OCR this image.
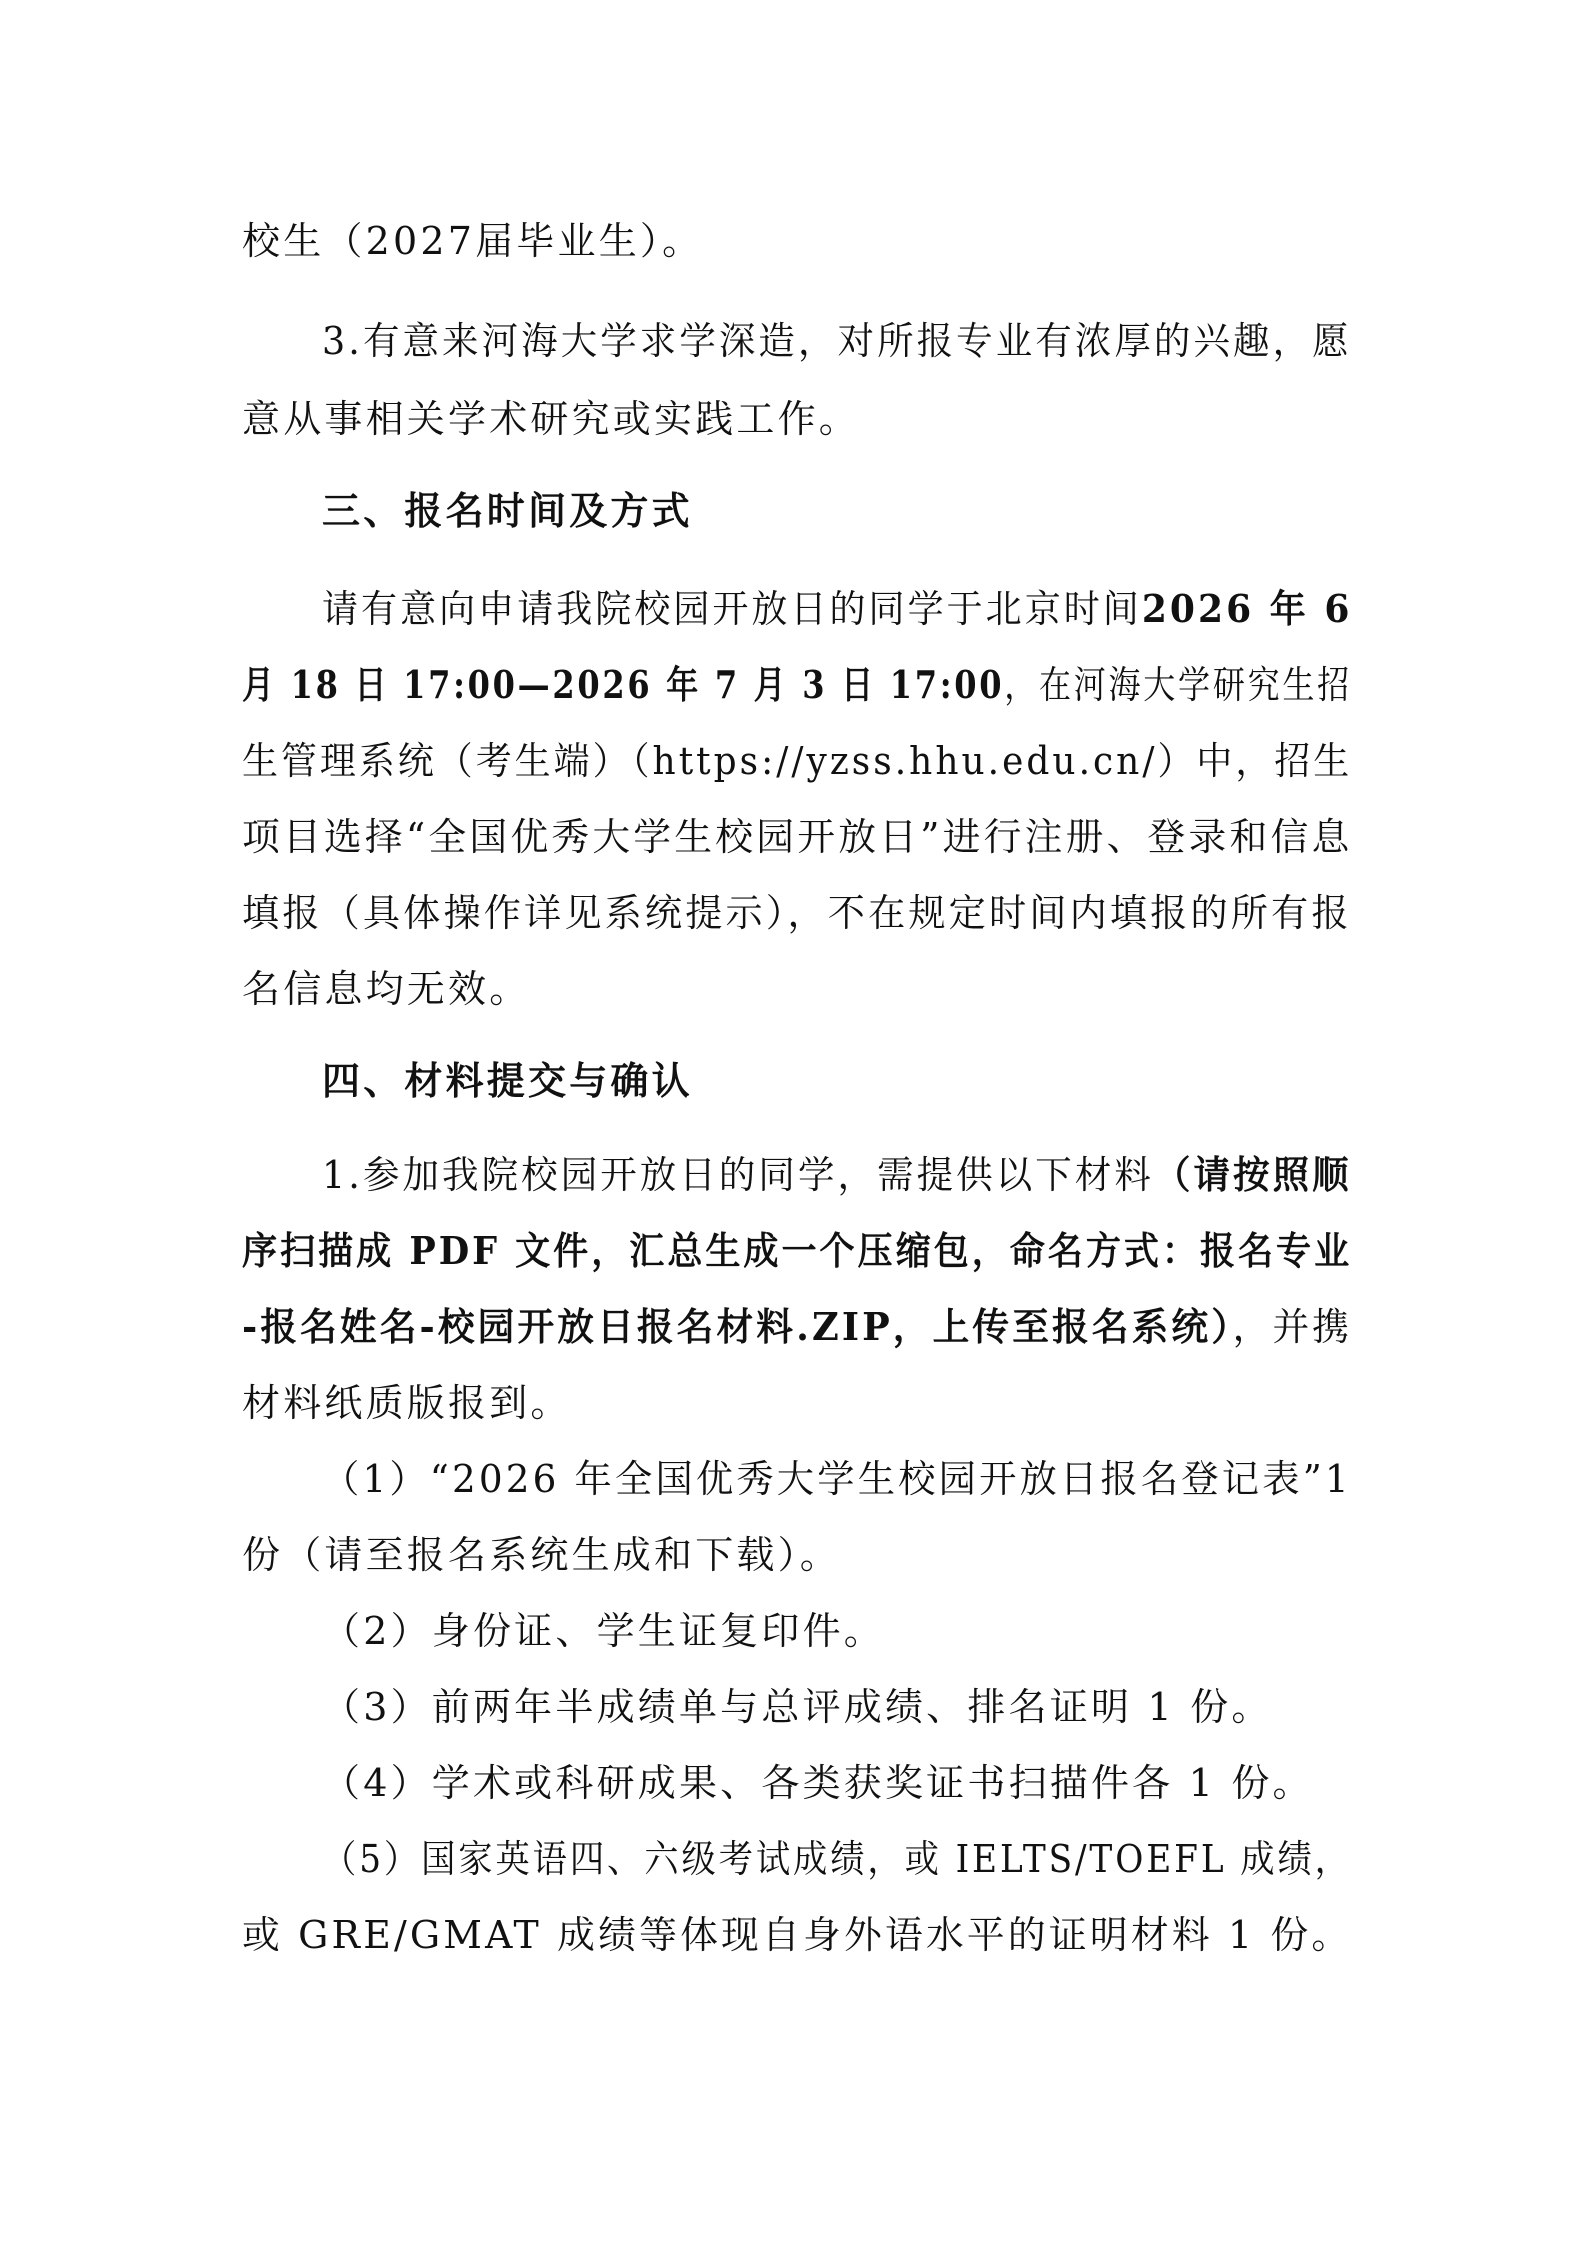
校生（2027届毕业生）。
3.有意来河海大学求学深造，对所报专业有浓厚的兴趣，愿
意从事相关学术研究或实践工作。
三、报名时间及方式
请有意向申请我院校园开放日的同学于北京时间2026 年 6
月 18 日 17:00—2026 年 7 月 3 日 17:00，在河海大学研究生招
生管理系统（考生端）（https://yzss.hhu.edu.cn/）中，招生
项目选择“全国优秀大学生校园开放日”进行注册、登录和信息
填报（具体操作详见系统提示），不在规定时间内填报的所有报
名信息均无效。
四、材料提交与确认
1.参加我院校园开放日的同学，需提供以下材料（请按照顺
序扫描成 PDF 文件，汇总生成一个压缩包，命名方式：报名专业
-报名姓名-校园开放日报名材料.ZIP，上传至报名系统），并携
材料纸质版报到。
（1）“2026 年全国优秀大学生校园开放日报名登记表”1
份（请至报名系统生成和下载）。
（2）身份证、学生证复印件。
（3）前两年半成绩单与总评成绩、排名证明 1 份。
（4）学术或科研成果、各类获奖证书扫描件各 1 份。
（5）国家英语四、六级考试成绩，或 IELTS/TOEFL 成绩，
或 GRE/GMAT 成绩等体现自身外语水平的证明材料 1 份。
